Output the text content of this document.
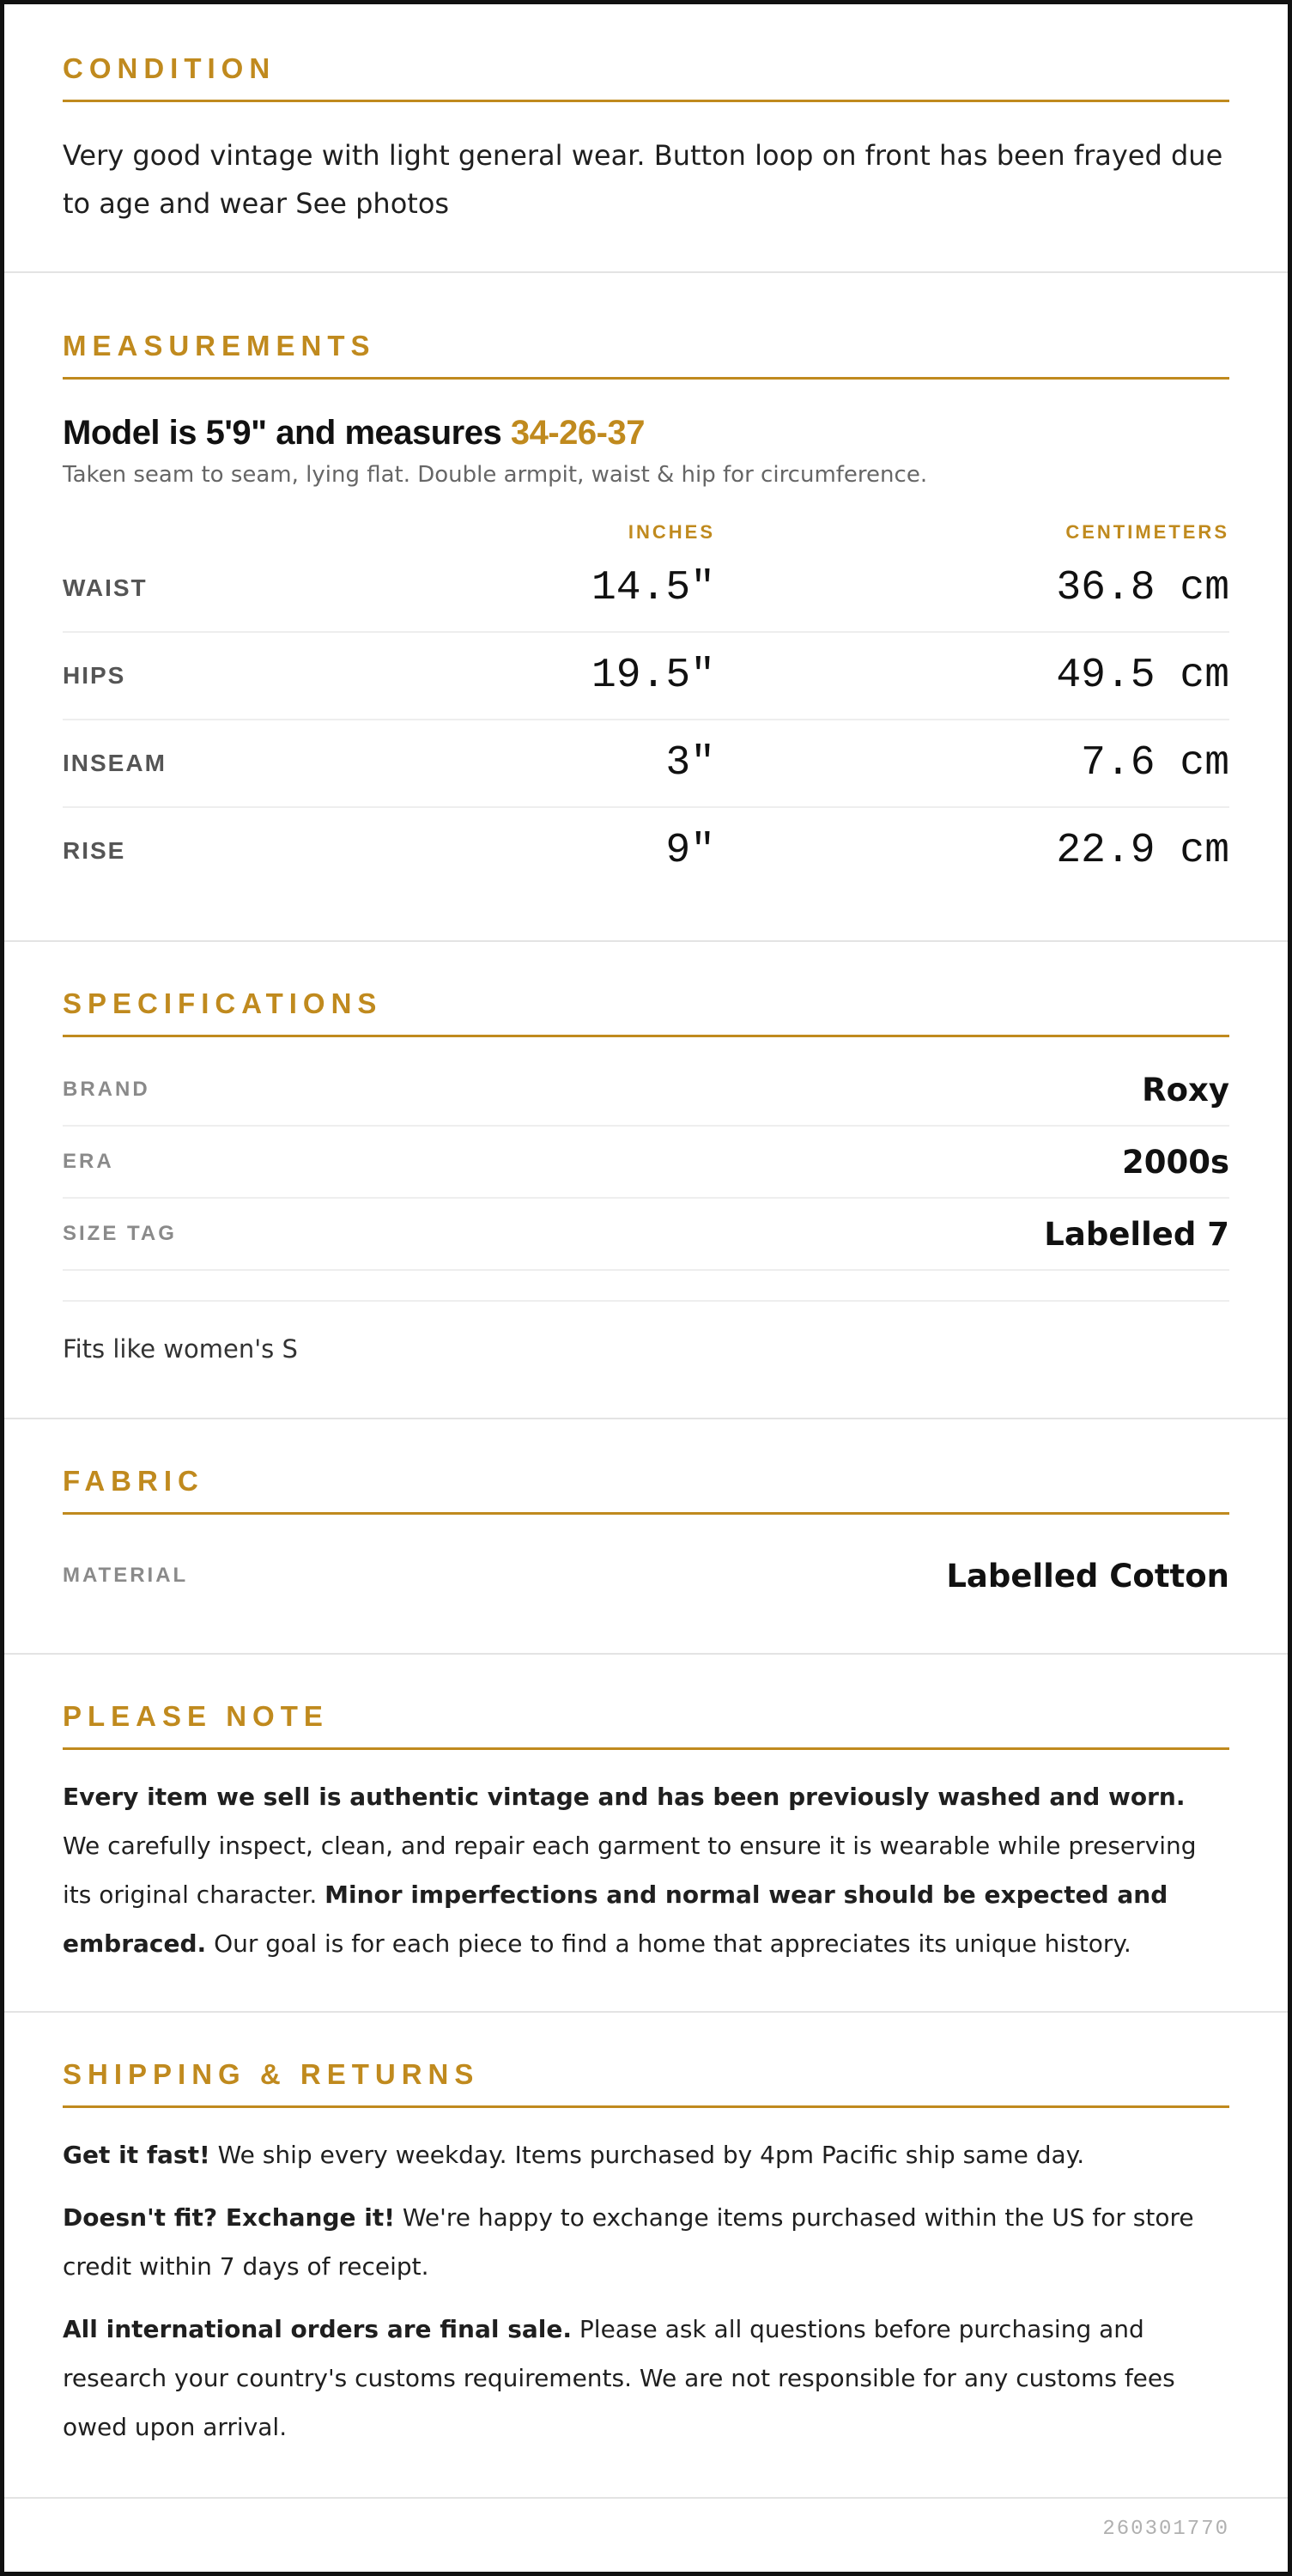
CONDITION

Very good vintage with light general wear. Button loop on front has been frayed due to age and wear See photos

MEASUREMENTS

Model is 5'9" and measures 34-26-37

Taken seam to seam, lying flat. Double armpit, waist & hip for circumference.

INCHES	CENTIMETERS
WAIST	14.5"	36.8 cm
HIPS	19.5"	49.5 cm
INSEAM	3"	7.6 cm
RISE	9"	22.9 cm
SPECIFICATIONS
BRAND	Roxy
ERA	2000s
SIZE TAG	Labelled 7

Fits like women's S

FABRIC
MATERIAL	Labelled Cotton
PLEASE NOTE

Every item we sell is authentic vintage and has been previously washed and worn. We carefully inspect, clean, and repair each garment to ensure it is wearable while preserving its original character. Minor imperfections and normal wear should be expected and embraced. Our goal is for each piece to find a home that appreciates its unique history.

SHIPPING & RETURNS

Get it fast! We ship every weekday. Items purchased by 4pm Pacific ship same day.

Doesn't fit? Exchange it! We're happy to exchange items purchased within the US for store credit within 7 days of receipt.

All international orders are final sale. Please ask all questions before purchasing and research your country's customs requirements. We are not responsible for any customs fees owed upon arrival.

260301770
